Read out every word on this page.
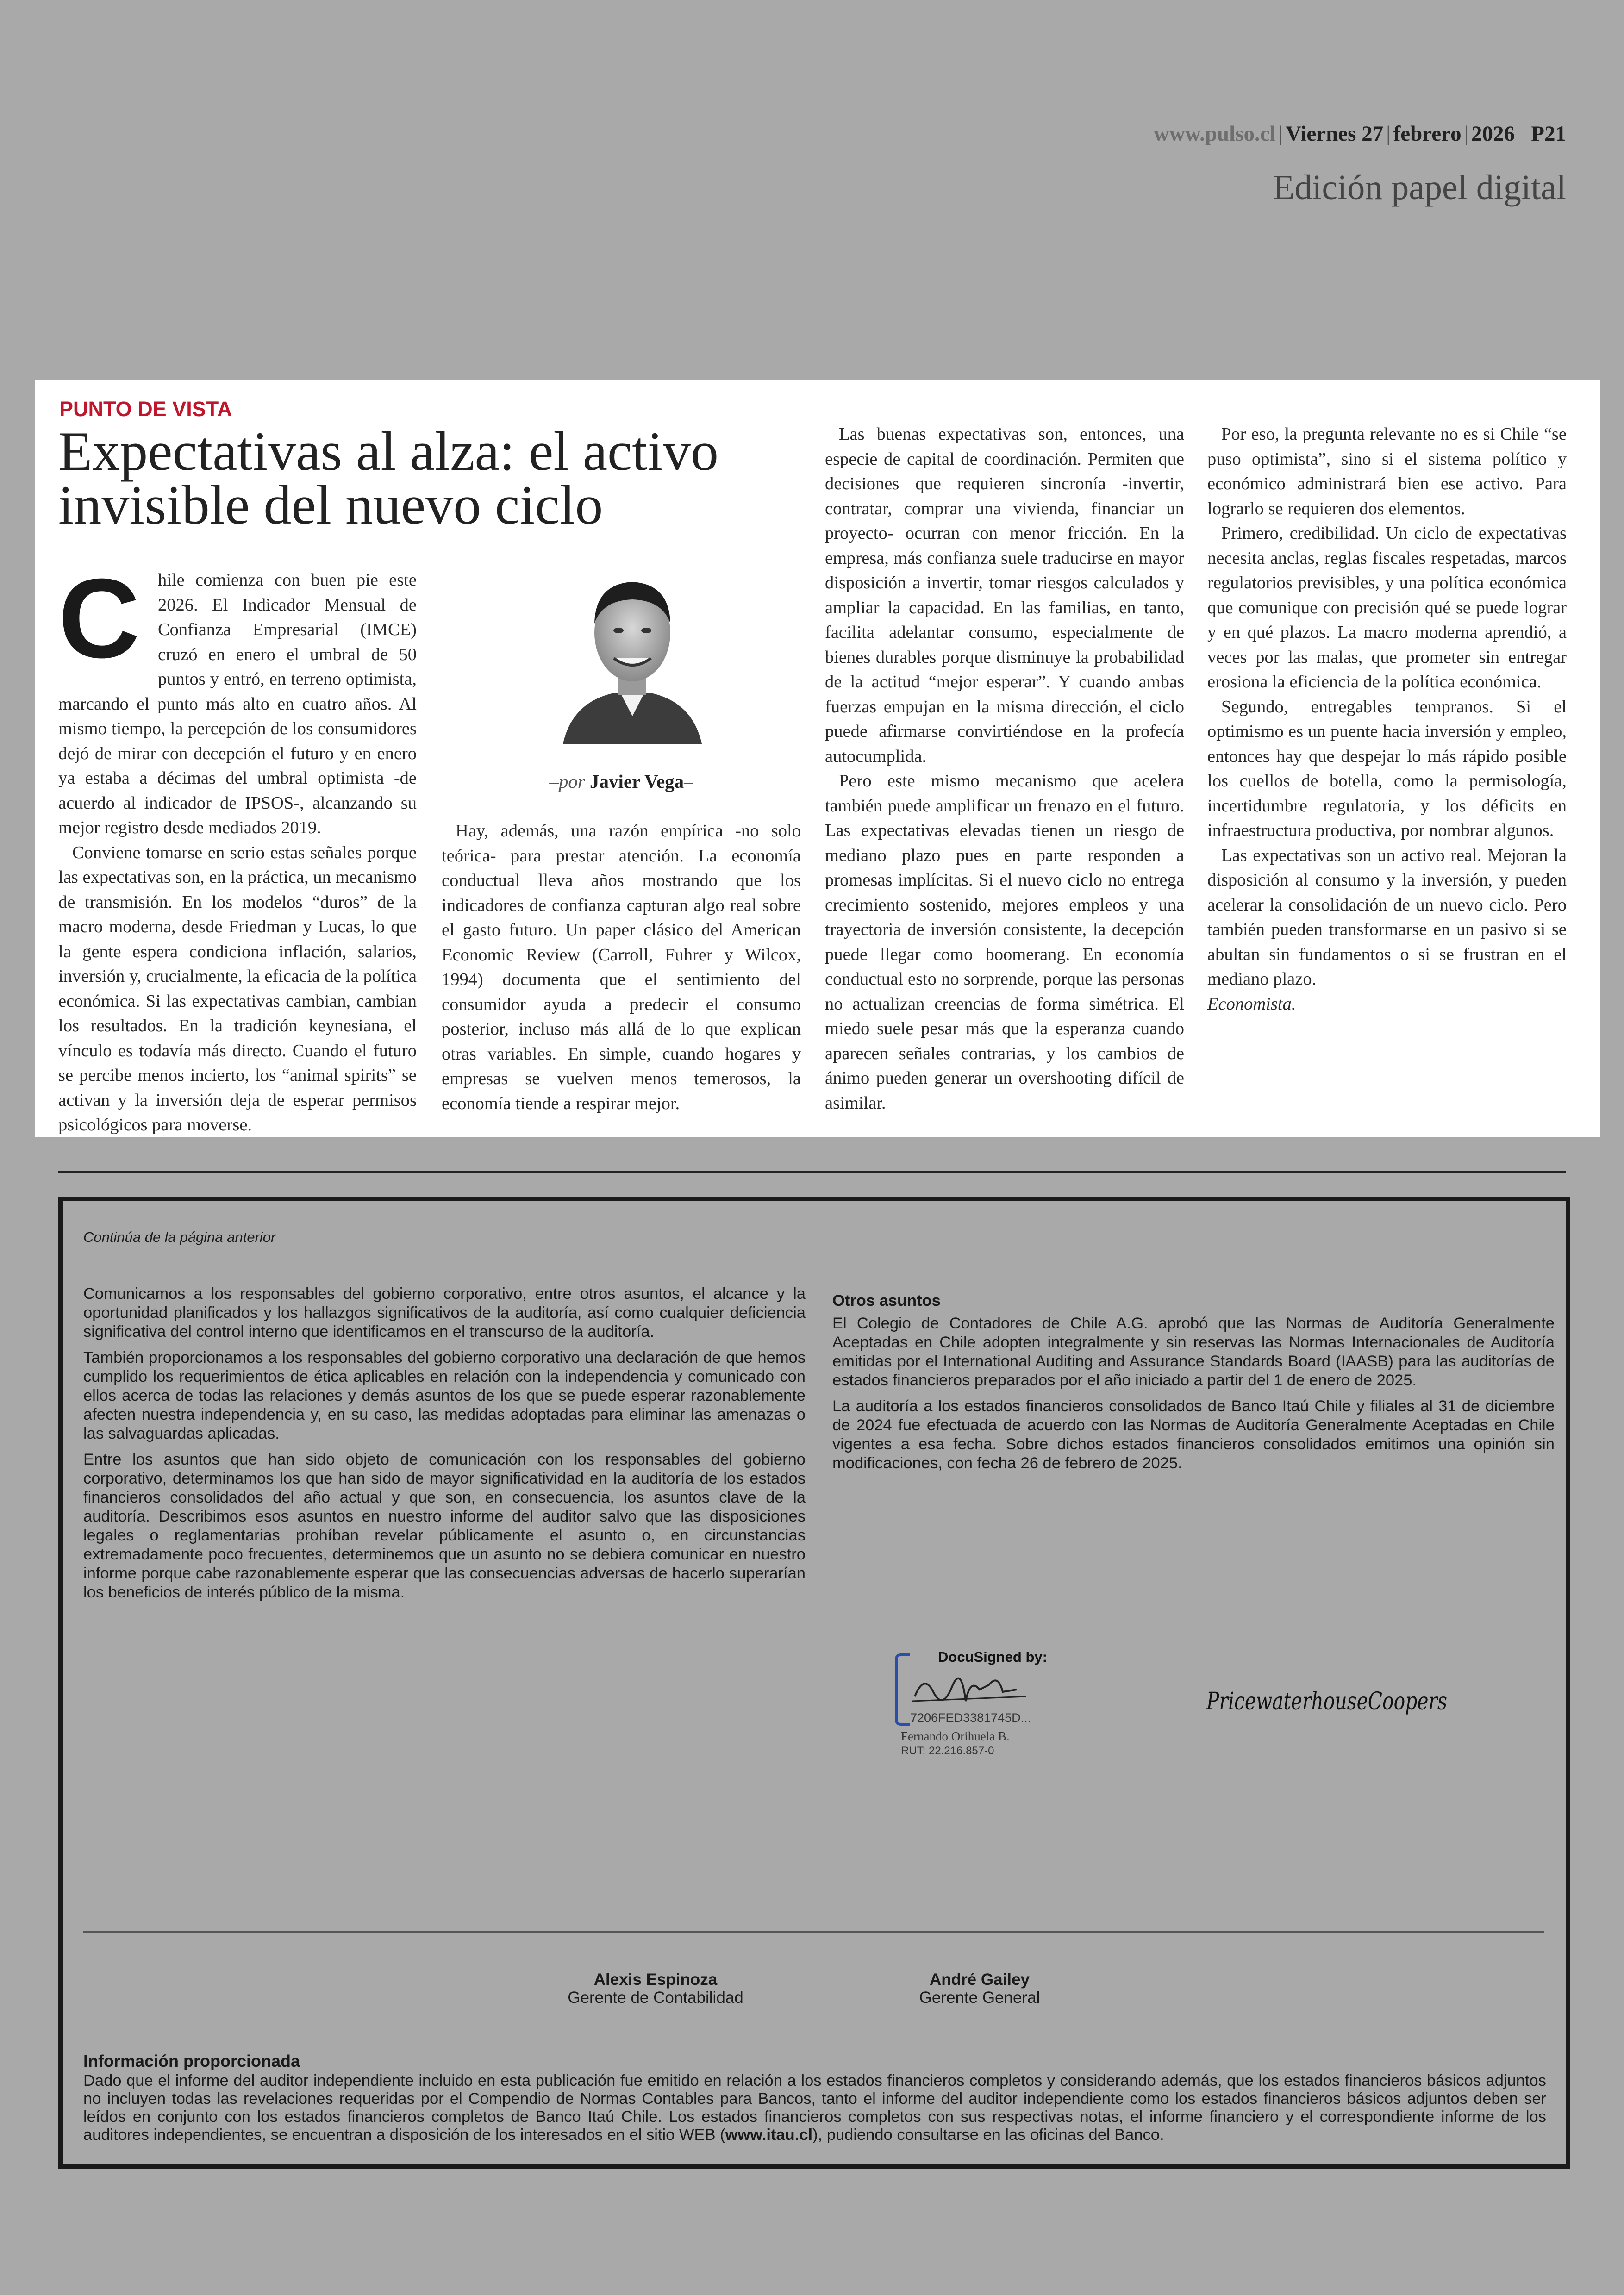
www.pulso.cl | Viernes 27 | febrero | 2026 P21
Edición papel digital
PUNTO DE VISTA
Expectativas al alza: el activo invisible del nuevo ciclo

C	hile comienza con buen pie este 2026. El Indicador Mensual de Confianza Empresarial (IMCE) cruzó en enero el umbral de 50 puntos y entró, en terreno optimista, marcando el punto más alto en cuatro años. Al mismo tiempo, la percepción de los consumidores dejó de mirar con decepción el futuro y en enero ya estaba a décimas del umbral optimista -de acuerdo al indicador de IPSOS-, alcanzando su mejor registro desde mediados 2019.

Conviene tomarse en serio estas señales porque las expectativas son, en la práctica, un mecanismo de transmisión. En los modelos “duros” de la macro moderna, desde Friedman y Lucas, lo que la gente espera condiciona inflación, salarios, inversión y, crucialmente, la eficacia de la política económica. Si las expectativas cambian, cambian los resultados. En la tradición keynesiana, el vínculo es todavía más directo. Cuando el futuro se percibe menos incierto, los “animal spirits” se activan y la inversión deja de esperar permisos psicológicos para moverse.

–por Javier Vega–

Hay, además, una razón empírica -no solo teórica- para prestar atención. La economía conductual lleva años mostrando que los indicadores de confianza capturan algo real sobre el gasto futuro. Un paper clásico del American Economic Review (Carroll, Fuhrer y Wilcox, 1994) documenta que el sentimiento del consumidor ayuda a predecir el consumo posterior, incluso más allá de lo que explican otras variables. En simple, cuando hogares y empresas se vuelven menos temerosos, la economía tiende a respirar mejor.

Las buenas expectativas son, entonces, una especie de capital de coordinación. Permiten que decisiones que requieren sincronía -invertir, contratar, comprar una vivienda, financiar un proyecto- ocurran con menor fricción. En la empresa, más confianza suele traducirse en mayor disposición a invertir, tomar riesgos calculados y ampliar la capacidad. En las familias, en tanto, facilita adelantar consumo, especialmente de bienes durables porque disminuye la probabilidad de la actitud “mejor esperar”. Y cuando ambas fuerzas empujan en la misma dirección, el ciclo puede afirmarse convirtiéndose en la profecía autocumplida.

Pero este mismo mecanismo que acelera también puede amplificar un frenazo en el futuro. Las expectativas elevadas tienen un riesgo de mediano plazo pues en parte responden a promesas implícitas. Si el nuevo ciclo no entrega crecimiento sostenido, mejores empleos y una trayectoria de inversión consistente, la decepción puede llegar como boomerang. En economía conductual esto no sorprende, porque las personas no actualizan creencias de forma simétrica. El miedo suele pesar más que la esperanza cuando aparecen señales contrarias, y los cambios de ánimo pueden generar un overshooting difícil de asimilar.

Por eso, la pregunta relevante no es si Chile “se puso optimista”, sino si el sistema político y económico administrará bien ese activo. Para lograrlo se requieren dos elementos.

Primero, credibilidad. Un ciclo de expectativas necesita anclas, reglas fiscales respetadas, marcos regulatorios previsibles, y una política económica que comunique con precisión qué se puede lograr y en qué plazos. La macro moderna aprendió, a veces por las malas, que prometer sin entregar erosiona la eficiencia de la política económica.

Segundo, entregables tempranos. Si el optimismo es un puente hacia inversión y empleo, entonces hay que despejar lo más rápido posible los cuellos de botella, como la permisología, incertidumbre regulatoria, y los déficits en infraestructura productiva, por nombrar algunos.

Las expectativas son un activo real. Mejoran la disposición al consumo y la inversión, y pueden acelerar la consolidación de un nuevo ciclo. Pero también pueden transformarse en un pasivo si se abultan sin fundamentos o si se frustran en el mediano plazo.

Economista.

Continúa de la página anterior

Comunicamos a los responsables del gobierno corporativo, entre otros asuntos, el alcance y la oportunidad planificados y los hallazgos significativos de la auditoría, así como cualquier deficiencia significativa del control interno que identificamos en el transcurso de la auditoría.

También proporcionamos a los responsables del gobierno corporativo una declaración de que hemos cumplido los requerimientos de ética aplicables en relación con la independencia y comunicado con ellos acerca de todas las relaciones y demás asuntos de los que se puede esperar razonablemente afecten nuestra independencia y, en su caso, las medidas adoptadas para eliminar las amenazas o las salvaguardas aplicadas.

Entre los asuntos que han sido objeto de comunicación con los responsables del gobierno corporativo, determinamos los que han sido de mayor significatividad en la auditoría de los estados financieros consolidados del año actual y que son, en consecuencia, los asuntos clave de la auditoría. Describimos esos asuntos en nuestro informe del auditor salvo que las disposiciones legales o reglamentarias prohíban revelar públicamente el asunto o, en circunstancias extremadamente poco frecuentes, determinemos que un asunto no se debiera comunicar en nuestro informe porque cabe razonablemente esperar que las consecuencias adversas de hacerlo superarían los beneficios de interés público de la misma.

Otros asuntos

El Colegio de Contadores de Chile A.G. aprobó que las Normas de Auditoría Generalmente Aceptadas en Chile adopten integralmente y sin reservas las Normas Internacionales de Auditoría emitidas por el International Auditing and Assurance Standards Board (IAASB) para las auditorías de estados financieros preparados por el año iniciado a partir del 1 de enero de 2025.

La auditoría a los estados financieros consolidados de Banco Itaú Chile y filiales al 31 de diciembre de 2024 fue efectuada de acuerdo con las Normas de Auditoría Generalmente Aceptadas en Chile vigentes a esa fecha. Sobre dichos estados financieros consolidados emitimos una opinión sin modificaciones, con fecha 26 de febrero de 2025.

DocuSigned by:
7206FED3381745D...
Fernando Orihuela B.
RUT: 22.216.857-0
PricewaterhouseCoopers
Alexis Espinoza
Gerente de Contabilidad
André Gailey
Gerente General
Información proporcionada

Dado que el informe del auditor independiente incluido en esta publicación fue emitido en relación a los estados financieros completos y considerando además, que los estados financieros básicos adjuntos no incluyen todas las revelaciones requeridas por el Compendio de Normas Contables para Bancos, tanto el informe del auditor independiente como los estados financieros básicos adjuntos deben ser leídos en conjunto con los estados financieros completos de Banco Itaú Chile. Los estados financieros completos con sus respectivas notas, el informe financiero y el correspondiente informe de los auditores independientes, se encuentran a disposición de los interesados en el sitio WEB (www.itau.cl), pudiendo consultarse en las oficinas del Banco.
